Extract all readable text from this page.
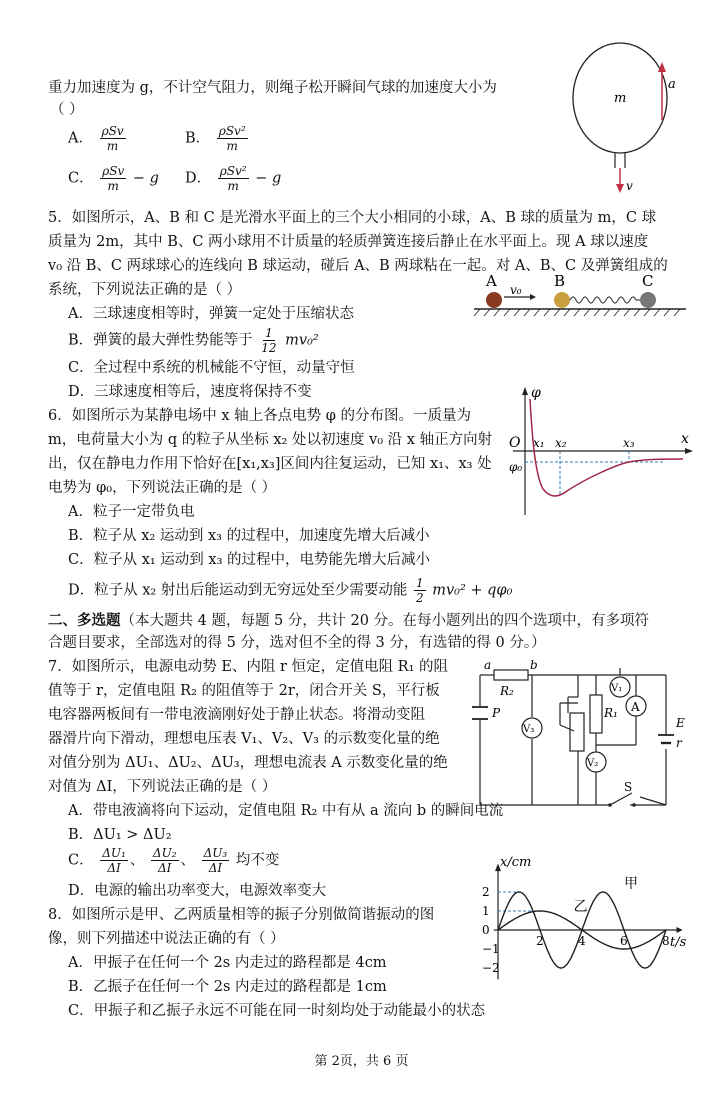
重力加速度为 g，不计空气阻力，则绳子松开瞬间气球的加速度大小为
（ ）
A． $\frac{\text{ρSv}}{m}$	B． $\frac{\text{ρSv²}}{m}$
C． $\frac{\text{ρSv}}{m} - g$ D． $\frac{\text{ρSv²}}{m} - g$
m
a
v
5．如图所示，A、B 和 C 是光滑水平面上的三个大小相同的小球，A、B 球的质量为 m，C 球
质量为 2m，其中 B、C 两小球用不计质量的轻质弹簧连接后静止在水平面上。现 A 球以速度
v₀ 沿 B、C 两球球心的连线向 B 球运动，碰后 A、B 两球粘在一起。对 A、B、C 及弹簧组成的
系统，下列说法正确的是（ ）
A．三球速度相等时，弹簧一定处于压缩状态
B．弹簧的最大弹性势能等于 $\frac{1}{12} mv_0^2$
C．全过程中系统的机械能不守恒，动量守恒
D．三球速度相等后，速度将保持不变
A	B	C
v₀
6．如图所示为某静电场中 x 轴上各点电势 φ 的分布图。一质量为
m，电荷量大小为 q 的粒子从坐标 x₂ 处以初速度 v₀ 沿 x 轴正方向射
出，仅在静电力作用下恰好在[x₁,x₃]区间内往复运动，已知 x₁、x₃ 处
电势为 φ₀，下列说法正确的是（ ）
A．粒子一定带负电
B．粒子从 x₂ 运动到 x₃ 的过程中，加速度先增大后减小
C．粒子从 x₁ 运动到 x₃ 的过程中，电势能先增大后减小
D．粒子从 x₂ 射出后能运动到无穷远处至少需要动能 $\frac{1}{2} mv_0^2 + q\varphi_0$
φ
x
O
φ₀
x₁ x₂	x₃
二、多选题（本大题共 4 题，每题 5 分，共计 20 分。在每小题列出的四个选项中，有多项符
合题目要求，全部选对的得 5 分，选对但不全的得 3 分，有选错的得 0 分。）
7．如图所示，电源电动势 E、内阻 r 恒定，定值电阻 R₁ 的阻
值等于 r，定值电阻 R₂ 的阻值等于 2r，闭合开关 S，平行板
电容器两板间有一带电液滴刚好处于静止状态。将滑动变阻
器滑片向下滑动，理想电压表 V₁、V₂、V₃ 的示数变化量的绝
对值分别为 ΔU₁、ΔU₂、ΔU₃，理想电流表 A 示数变化量的绝
对值为 ΔI，下列说法正确的是（ ）
A．带电液滴将向下运动，定值电阻 R₂ 中有从 a 流向 b 的瞬间电流
B．ΔU₁ > ΔU₂
C． $\frac{\text{ΔU₁}}{\Delta I}$ 、 $\frac{\text{ΔU₂}}{\Delta I}$ 、 $\frac{\text{ΔU₃}}{\Delta I}$ 均不变
D．电源的输出功率变大，电源效率变大
V₃
V₁
V₂
A
a	b
R₂
R₁
P
E
r
S
8．如图所示是甲、乙两质量相等的振子分别做简谐振动的图
像，则下列描述中说法正确的有（ ）
A．甲振子在任何一个 2s 内走过的路程都是 4cm
B．乙振子在任何一个 2s 内走过的路程都是 1cm
C．甲振子和乙振子永远不可能在同一时刻均处于动能最小的状态
x/cm
t/s
2
1
0
−1
−2
2	4	6	8
甲
乙
第 2页，共 6 页
